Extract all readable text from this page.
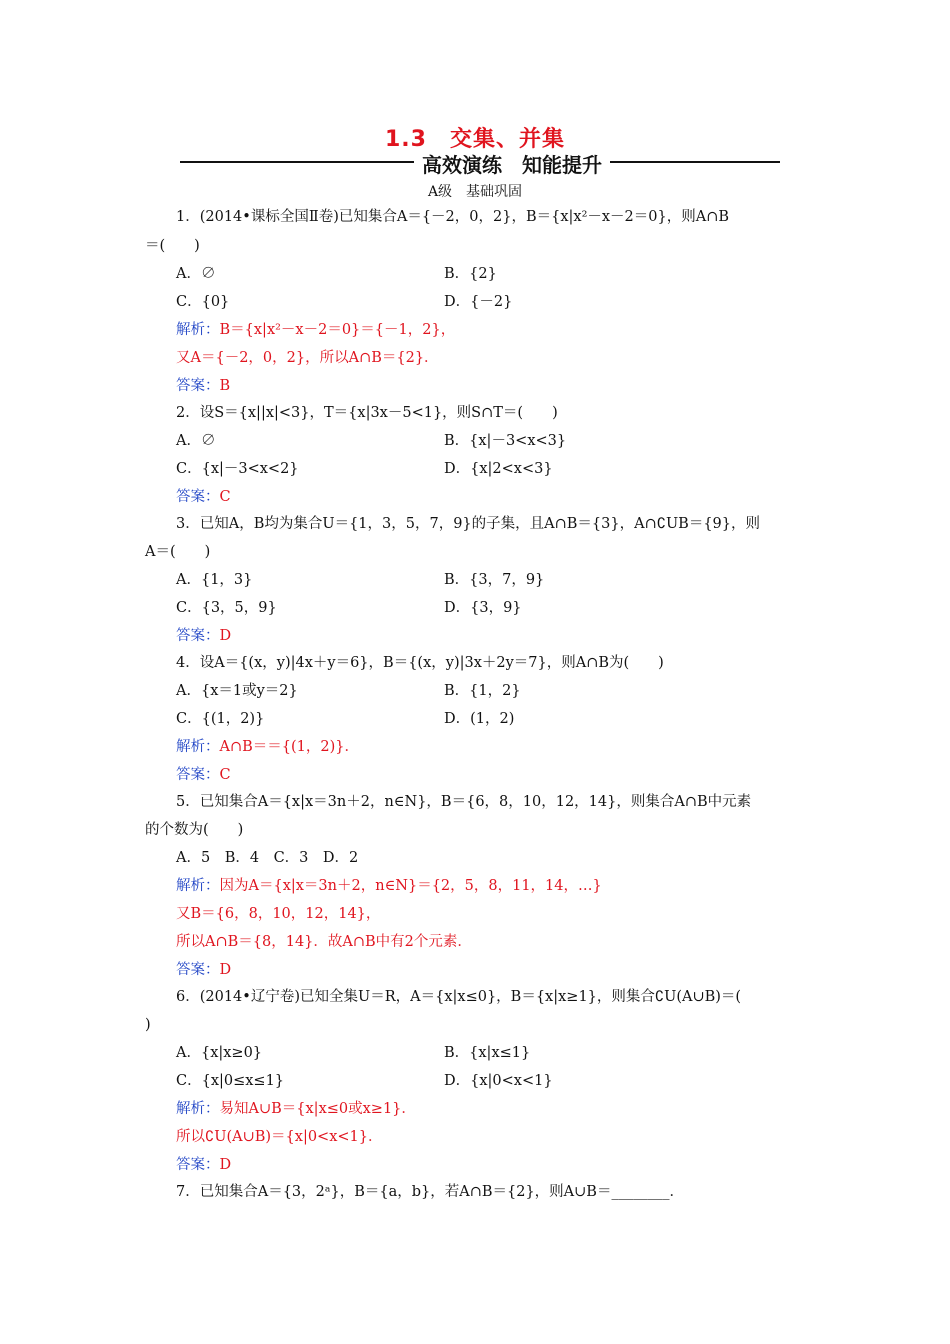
1.3　交集、并集
高效演练　知能提升
A级　基础巩固
1．(2014•课标全国Ⅱ卷)已知集合A＝{－2，0，2}，B＝{x|x²－x－2＝0}，则A∩B
＝(　　)
A．∅	B．{2}
C．{0}	D．{－2}
解析：B＝{x|x²－x－2＝0}＝{－1，2}，
又A＝{－2，0，2}，所以A∩B＝{2}．
答案：B
2．设S＝{x||x|<3}，T＝{x|3x－5<1}，则S∩T＝(　　)
A．∅	B．{x|－3<x<3}
C．{x|－3<x<2}	D．{x|2<x<3}
答案：C
3．已知A，B均为集合U＝{1，3，5，7，9}的子集，且A∩B＝{3}，A∩∁UB＝{9}，则
A＝(　　)
A．{1，3}	B．{3，7，9}
C．{3，5，9}	D．{3，9}
答案：D
4．设A＝{(x，y)|4x＋y＝6}，B＝{(x，y)|3x＋2y＝7}，则A∩B为(　　)
A．{x＝1或y＝2}	B．{1，2}
C．{(1，2)}	D．(1，2)
解析：A∩B＝＝{(1，2)}．
答案：C
5．已知集合A＝{x|x＝3n＋2，n∈N}，B＝{6，8，10，12，14}，则集合A∩B中元素
的个数为(　　)
A．5　B．4　C．3　D．2
解析：因为A＝{x|x＝3n＋2，n∈N}＝{2，5，8，11，14，…}
又B＝{6，8，10，12，14}，
所以A∩B＝{8，14}．故A∩B中有2个元素．
答案：D
6．(2014•辽宁卷)已知全集U＝R，A＝{x|x≤0}，B＝{x|x≥1}，则集合∁U(A∪B)＝(
)
A．{x|x≥0}	B．{x|x≤1}
C．{x|0≤x≤1}	D．{x|0<x<1}
解析：易知A∪B＝{x|x≤0或x≥1}．
所以∁U(A∪B)＝{x|0<x<1}．
答案：D
7．已知集合A＝{3，2ᵃ}，B＝{a，b}，若A∩B＝{2}，则A∪B＝________．
